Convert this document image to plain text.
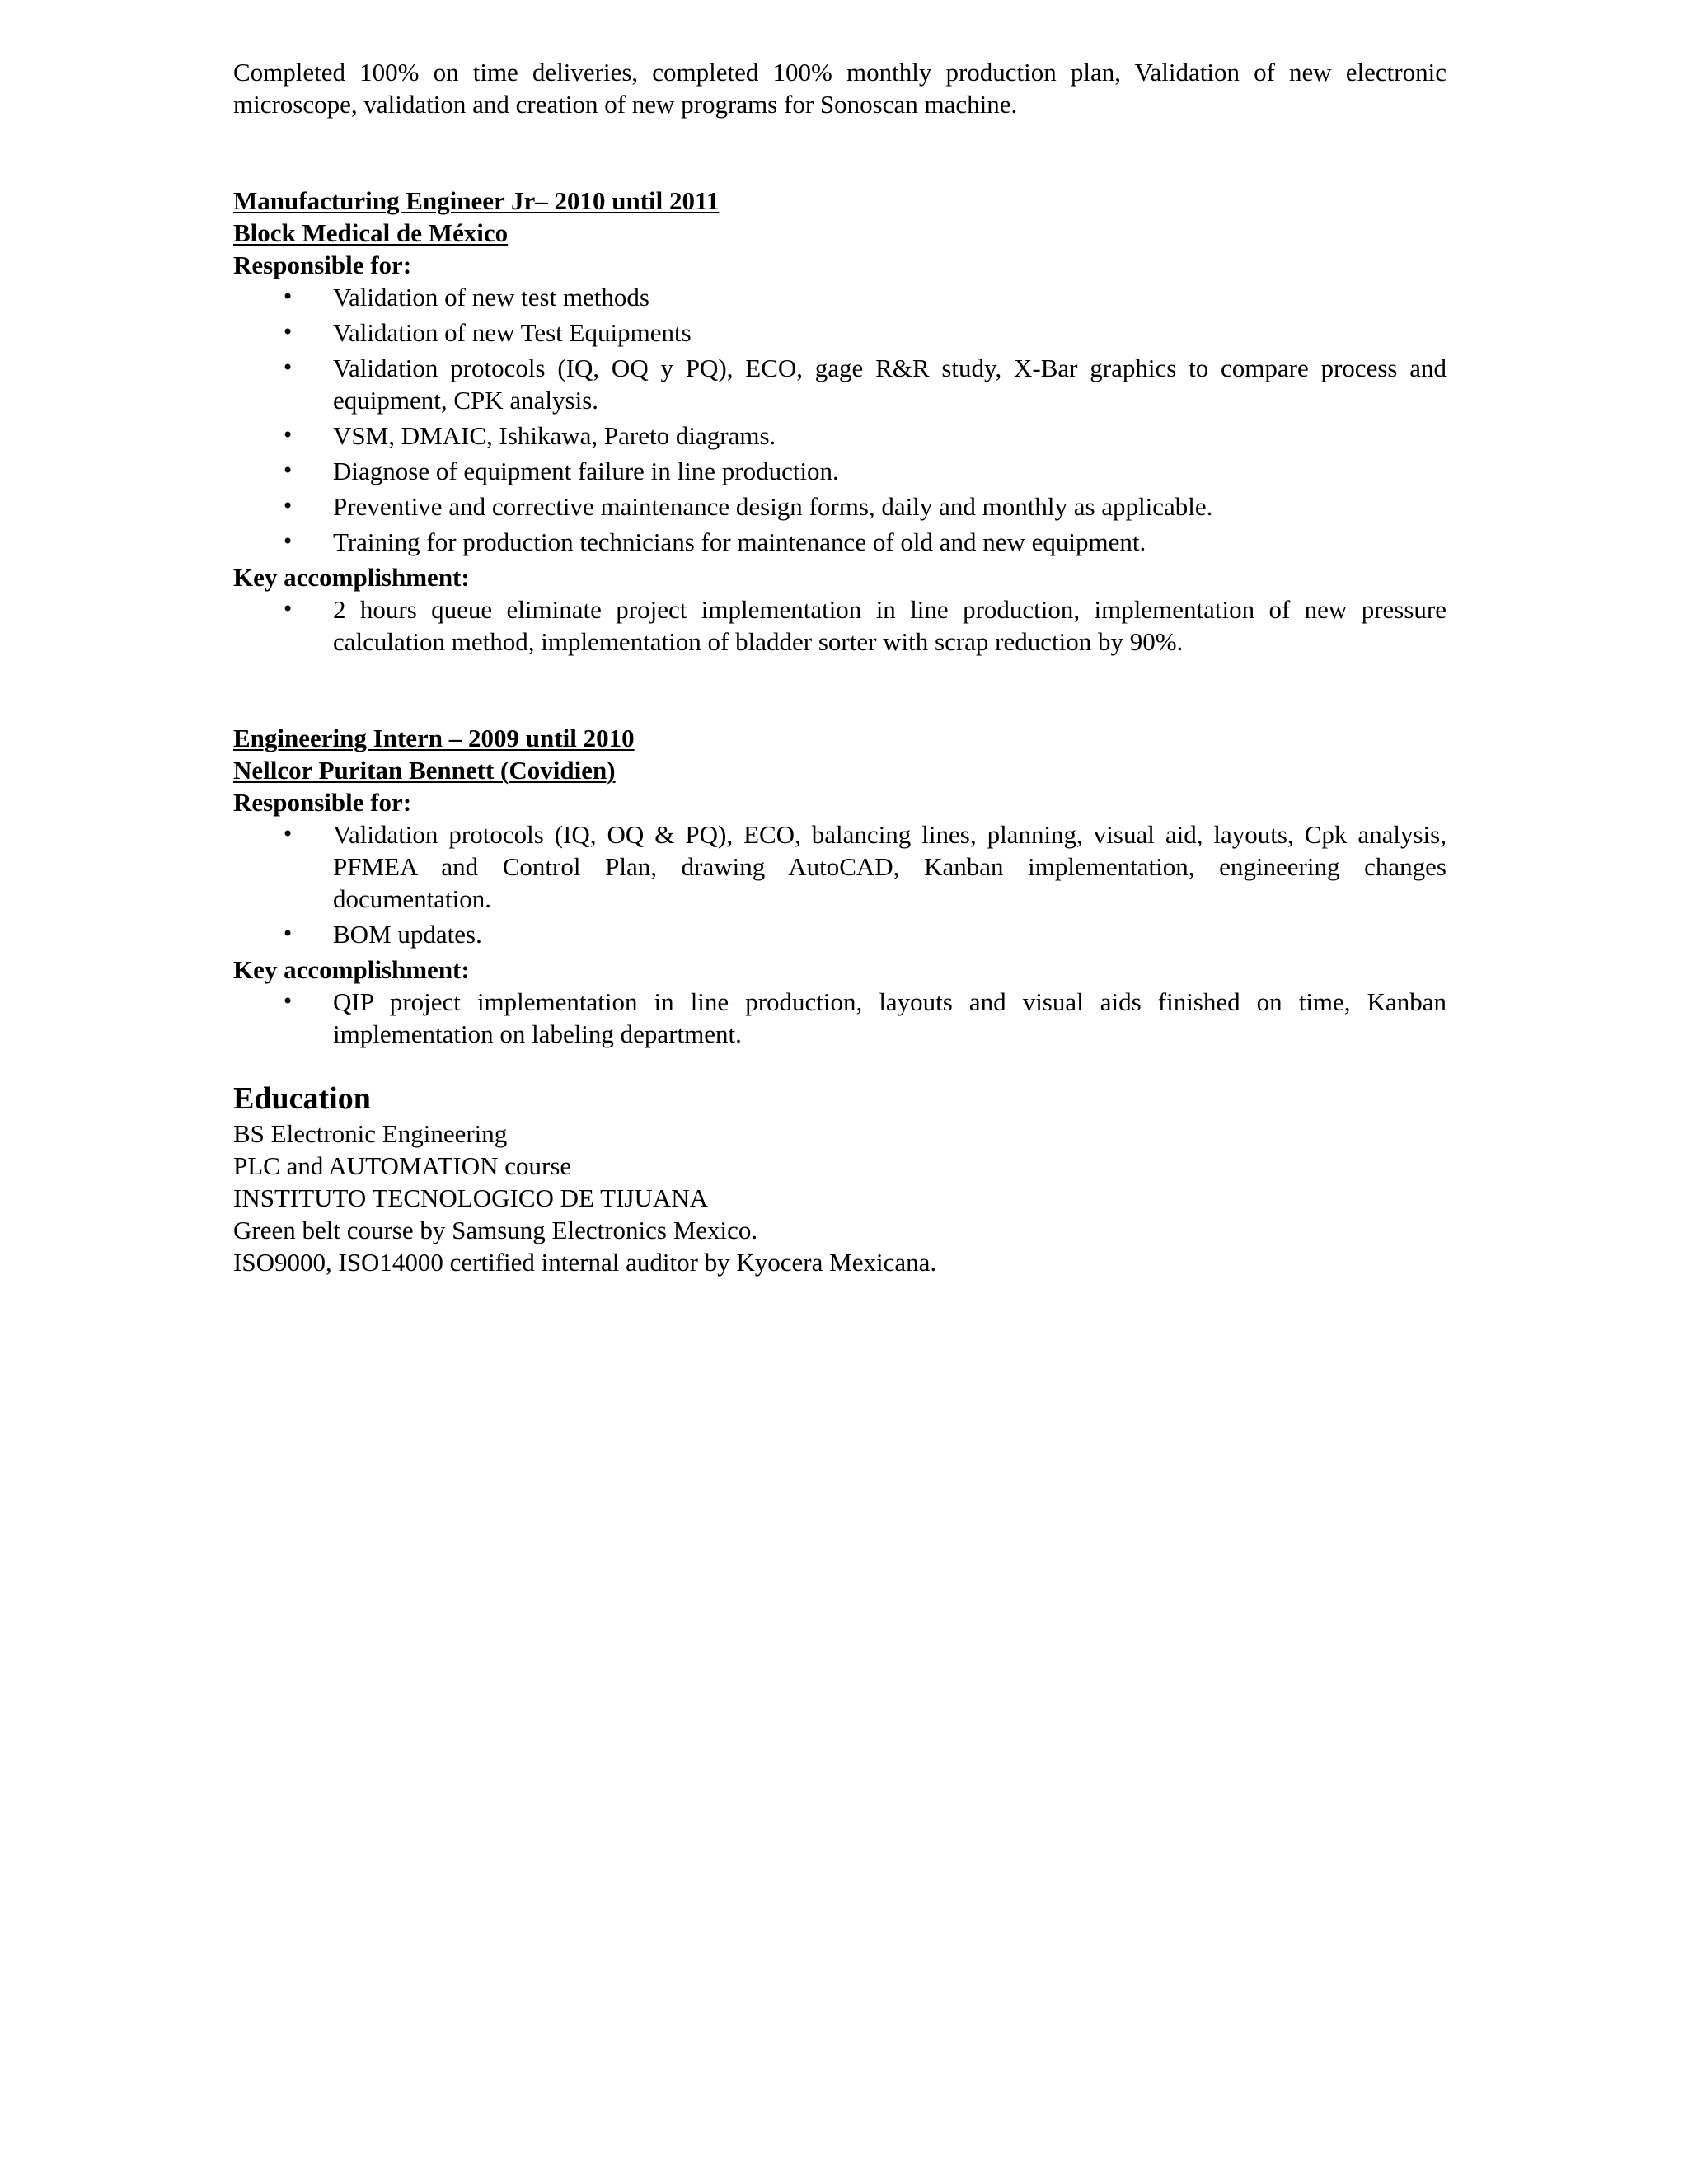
Completed 100% on time deliveries, completed 100% monthly production plan, Validation of new electronic microscope, validation and creation of new programs for Sonoscan machine.

Manufacturing Engineer Jr– 2010 until 2011
Block Medical de México
Responsible for:
• Validation of new test methods
• Validation of new Test Equipments
• Validation protocols (IQ, OQ y PQ), ECO, gage R&R study, X-Bar graphics to compare process and equipment, CPK analysis.
• VSM, DMAIC, Ishikawa, Pareto diagrams.
• Diagnose of equipment failure in line production.
• Preventive and corrective maintenance design forms, daily and monthly as applicable.
• Training for production technicians for maintenance of old and new equipment.
Key accomplishment:
• 2 hours queue eliminate project implementation in line production, implementation of new pressure calculation method, implementation of bladder sorter with scrap reduction by 90%.
Engineering Intern – 2009 until 2010
Nellcor Puritan Bennett (Covidien)
Responsible for:
• Validation protocols (IQ, OQ & PQ), ECO, balancing lines, planning, visual aid, layouts, Cpk analysis, PFMEA and Control Plan, drawing AutoCAD, Kanban implementation, engineering changes documentation.
• BOM updates.
Key accomplishment:
• QIP project implementation in line production, layouts and visual aids finished on time, Kanban implementation on labeling department.
Education
BS Electronic Engineering
PLC and AUTOMATION course
INSTITUTO TECNOLOGICO DE TIJUANA
Green belt course by Samsung Electronics Mexico.
ISO9000, ISO14000 certified internal auditor by Kyocera Mexicana.
